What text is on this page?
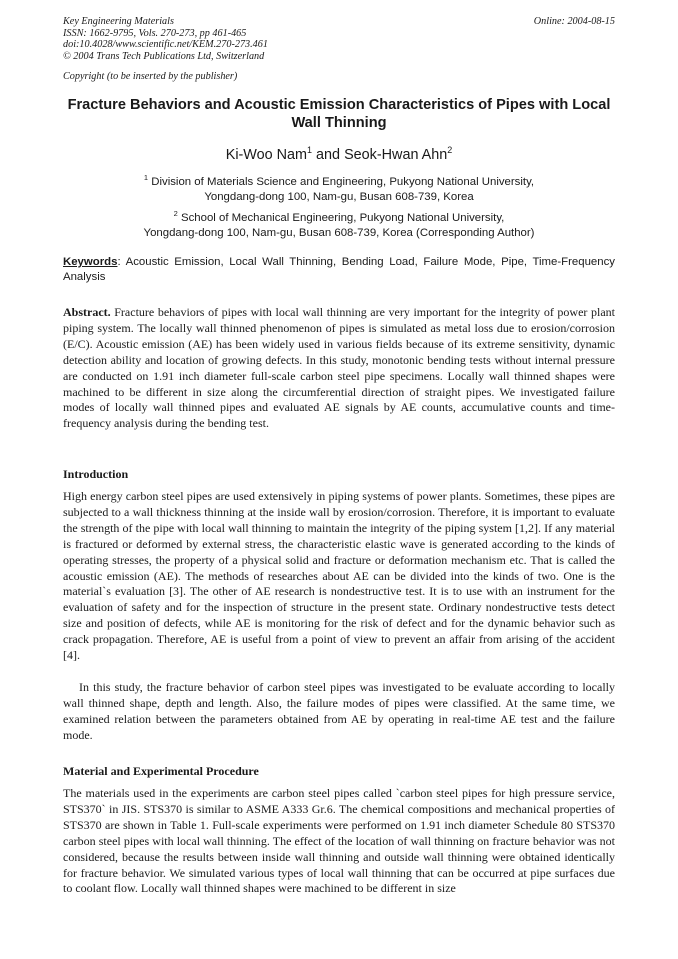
Key Engineering Materials
ISSN: 1662-9795, Vols. 270-273, pp 461-465
doi:10.4028/www.scientific.net/KEM.270-273.461
© 2004 Trans Tech Publications Ltd, Switzerland
Online: 2004-08-15
Copyright (to be inserted by the publisher)
Fracture Behaviors and Acoustic Emission Characteristics of Pipes with Local Wall Thinning
Ki-Woo Nam$^1$ and Seok-Hwan Ahn$^2$
$^1$ Division of Materials Science and Engineering, Pukyong National University,
Yongdang-dong 100, Nam-gu, Busan 608-739, Korea
$^2$ School of Mechanical Engineering, Pukyong National University,
Yongdang-dong 100, Nam-gu, Busan 608-739, Korea (Corresponding Author)
Keywords: Acoustic Emission, Local Wall Thinning, Bending Load, Failure Mode, Pipe, Time-Frequency Analysis

Abstract. Fracture behaviors of pipes with local wall thinning are very important for the integrity of power plant piping system. The locally wall thinned phenomenon of pipes is simulated as metal loss due to erosion/corrosion (E/C). Acoustic emission (AE) has been widely used in various fields because of its extreme sensitivity, dynamic detection ability and location of growing defects. In this study, monotonic bending tests without internal pressure are conducted on 1.91 inch diameter full-scale carbon steel pipe specimens. Locally wall thinned shapes were machined to be different in size along the circumferential direction of straight pipes. We investigated failure modes of locally wall thinned pipes and evaluated AE signals by AE counts, accumulative counts and time-frequency analysis during the bending test.

Introduction

High energy carbon steel pipes are used extensively in piping systems of power plants. Sometimes, these pipes are subjected to a wall thickness thinning at the inside wall by erosion/corrosion. Therefore, it is important to evaluate the strength of the pipe with local wall thinning to maintain the integrity of the piping system [1,2]. If any material is fractured or deformed by external stress, the characteristic elastic wave is generated according to the kinds of operating stresses, the property of a physical solid and fracture or deformation mechanism etc. That is called the acoustic emission (AE). The methods of researches about AE can be divided into the kinds of two. One is the material`s evaluation [3]. The other of AE research is nondestructive test. It is to use with an instrument for the evaluation of safety and for the inspection of structure in the present state. Ordinary nondestructive tests detect size and position of defects, while AE is monitoring for the risk of defect and for the dynamic behavior such as crack propagation. Therefore, AE is useful from a point of view to prevent an affair from arising of the accident [4].

In this study, the fracture behavior of carbon steel pipes was investigated to be evaluate according to locally wall thinned shape, depth and length. Also, the failure modes of pipes were classified. At the same time, we examined relation between the parameters obtained from AE by operating in real-time AE test and the failure mode.

Material and Experimental Procedure

The materials used in the experiments are carbon steel pipes called `carbon steel pipes for high pressure service, STS370` in JIS. STS370 is similar to ASME A333 Gr.6. The chemical compositions and mechanical properties of STS370 are shown in Table 1. Full-scale experiments were performed on 1.91 inch diameter Schedule 80 STS370 carbon steel pipes with local wall thinning. The effect of the location of wall thinning on fracture behavior was not considered, because the results between inside wall thinning and outside wall thinning were obtained identically for fracture behavior. We simulated various types of local wall thinning that can be occurred at pipe surfaces due to coolant flow. Locally wall thinned shapes were machined to be different in size
